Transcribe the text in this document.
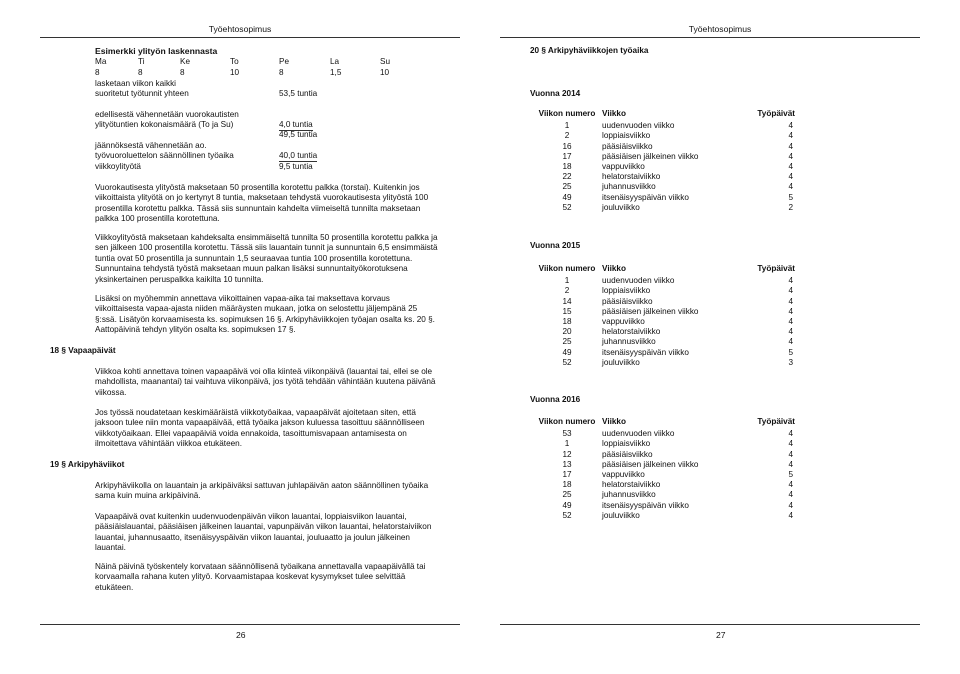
Työehtosopimus
Esimerkki ylityön laskennasta
Ma	Ti	Ke	To	Pe	La	Su
8	8	8	10	8	1,5	10
lasketaan viikon kaikki
suoritetut työtunnit yhteen	53,5 tuntia
edellisestä vähennetään vuorokautisten
ylityötuntien kokonaismäärä (To ja Su)	4,0 tuntia
49,5 tuntia
jäännöksestä vähennetään ao.
työvuoroluettelon säännöllinen työaika	40,0 tuntia
viikkoylityötä	9,5 tuntia
Vuorokautisesta ylityöstä maksetaan 50 prosentilla korotettu palkka (torstai). Kuitenkin jos viikoittaista ylityötä on jo kertynyt 8 tuntia, maksetaan tehdystä vuorokautisesta ylityöstä 100 prosentilla korotettu palkka. Tässä siis sunnuntain kahdelta viimeiseltä tunnilta maksetaan palkka 100 prosentilla korotettuna.
Viikkoylityöstä maksetaan kahdeksalta ensimmäiseltä tunnilta 50 prosentilla korotettu palkka ja sen jälkeen 100 prosentilla korotettu. Tässä siis lauantain tunnit ja sunnuntain 6,5 ensimmäistä tuntia ovat 50 prosentilla ja sunnuntain 1,5 seuraavaa tuntia 100 prosentilla korotettuna. Sunnuntaina tehdystä työstä maksetaan muun palkan lisäksi sunnuntaityökorotuksena yksinkertainen peruspalkka kaikilta 10 tunnilta.
Lisäksi on myöhemmin annettava viikoittainen vapaa-aika tai maksettava korvaus viikoittaisesta vapaa-ajasta niiden määräysten mukaan, jotka on selostettu jäljempänä 25 §:ssä. Lisätyön korvaamisesta ks. sopimuksen 16 §. Arkipyhäviikkojen työajan osalta ks. 20 §. Aattopäivinä tehdyn ylityön osalta ks. sopimuksen 17 §.
18 § Vapaapäivät
Viikkoa kohti annettava toinen vapaapäivä voi olla kiinteä viikonpäivä (lauantai tai, ellei se ole mahdollista, maanantai) tai vaihtuva viikonpäivä, jos työtä tehdään vähintään kuutena päivänä viikossa.
Jos työssä noudatetaan keskimääräistä viikkotyöaikaa, vapaapäivät ajoitetaan siten, että jaksoon tulee niin monta vapaapäivää, että työaika jakson kuluessa tasoittuu säännölliseen viikkotyöaikaan. Ellei vapaapäiviä voida ennakoida, tasoittumisvapaan antamisesta on ilmoitettava vähintään viikkoa etukäteen.
19 § Arkipyhäviikot
Arkipyhäviikolla on lauantain ja arkipäiväksi sattuvan juhlapäivän aaton säännöllinen työaika sama kuin muina arkipäivinä.
Vapaapäivä ovat kuitenkin uudenvuodenpäivän viikon lauantai, loppiaisviikon lauantai, pääsiäislauantai, pääsiäisen jälkeinen lauantai, vapunpäivän viikon lauantai, helatorstaiviikon lauantai, juhannusaatto, itsenäisyyspäivän viikon lauantai, jouluaatto ja joulun jälkeinen lauantai.
Näinä päivinä työskentely korvataan säännöllisenä työaikana annettavalla vapaapäivällä tai korvaamalla rahana kuten ylityö. Korvaamistapaa koskevat kysymykset tulee selvittää etukäteen.
26
Työehtosopimus
20 § Arkipyhäviikkojen työaika
Vuonna 2014
Viikon numero	Viikko	Työpäivät
1	uudenvuoden viikko	4
2	loppiaisviikko	4
16	pääsiäisviikko	4
17	pääsiäisen jälkeinen viikko	4
18	vappuviikko	4
22	helatorstaiviikko	4
25	juhannusviikko	4
49	itsenäisyyspäivän viikko	5
52	jouluviikko	2
Vuonna 2015
Viikon numero	Viikko	Työpäivät
1	uudenvuoden viikko	4
2	loppiaisviikko	4
14	pääsiäisviikko	4
15	pääsiäisen jälkeinen viikko	4
18	vappuviikko	4
20	helatorstaiviikko	4
25	juhannusviikko	4
49	itsenäisyyspäivän viikko	5
52	jouluviikko	3
Vuonna 2016
Viikon numero	Viikko	Työpäivät
53	uudenvuoden viikko	4
1	loppiaisviikko	4
12	pääsiäisviikko	4
13	pääsiäisen jälkeinen viikko	4
17	vappuviikko	5
18	helatorstaiviikko	4
25	juhannusviikko	4
49	itsenäisyyspäivän viikko	4
52	jouluviikko	4
27
